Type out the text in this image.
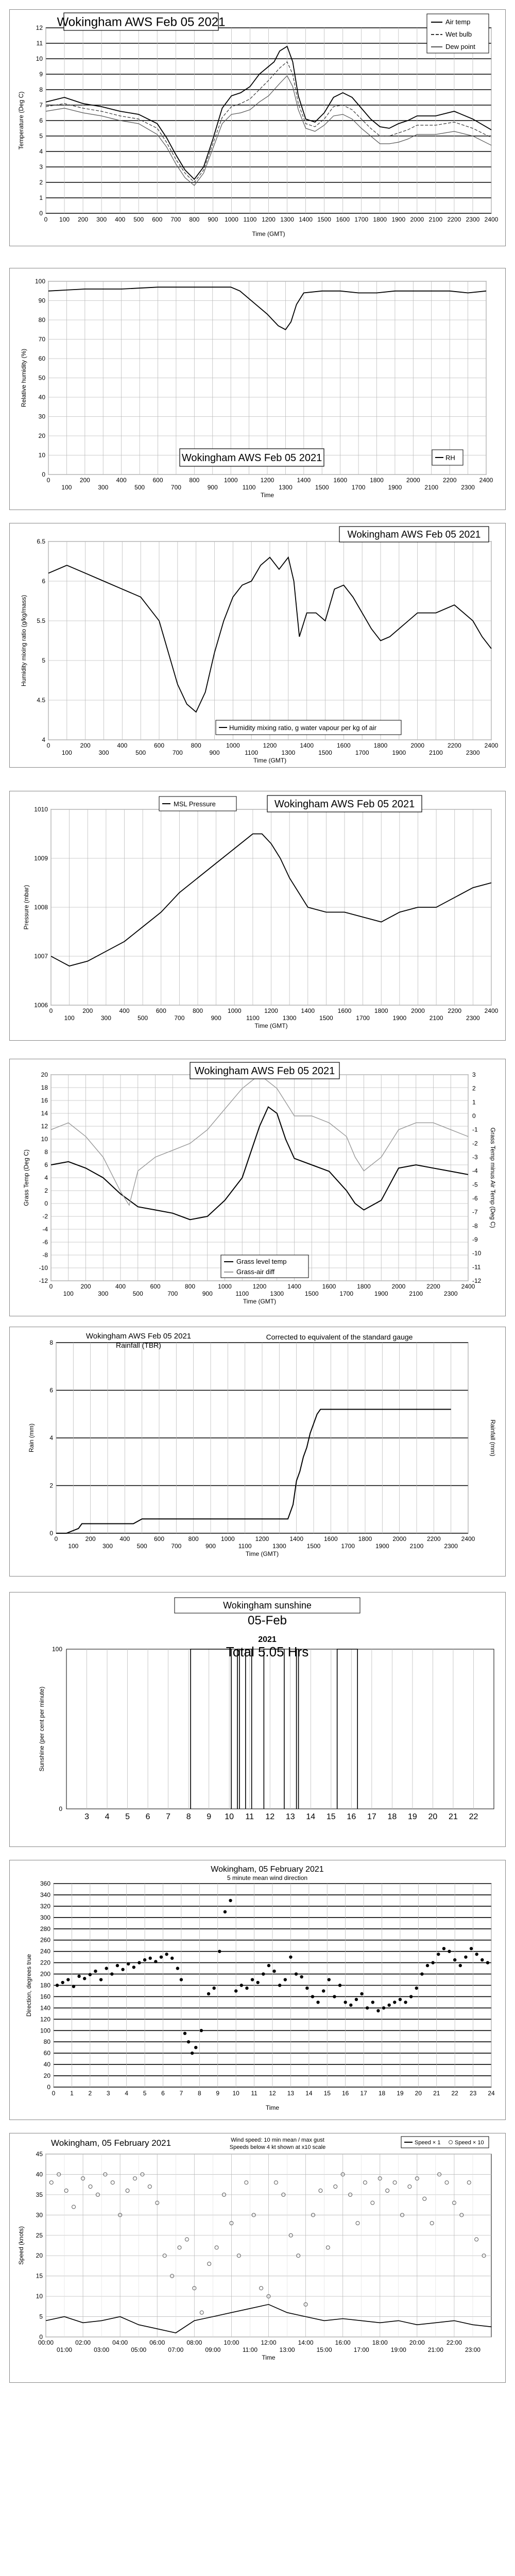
0
1
2
3
4
5
6
7
8
9
10
11
12
0 100 200 300 400 500 600 700 800 900 1000 1100 1200 1300 1400 1500 1600 1700 1800 1900 2000 2100 2200 2300 2400
Wokingham AWS Feb 05 2021	Air temp
Wet bulb
Dew point
Time (GMT)
Temperature (Deg C)
0
10
20
30
40
50
60
70
80
90
100
0
100
200
300
400
500
600
700
800
900
1000
1100
1200
1300
1400
1500
1600
1700
1800
1900
2000
2100
2200
2300
2400
Wokingham AWS Feb 05 2021	RH
Time
Relative humidity (%)
4
4.5
5
5.5
6
6.5
0
100
200
300
400
500
600
700
800
900
1000
1100
1200
1300
1400
1500
1600
1700
1800
1900
2000
2100
2200
2300
2400
Wokingham AWS Feb 05 2021
Humidity mixing ratio, g water vapour per kg of air
Time (GMT)
Humidity mixing ratio (g/kg/mass)
1006
1007
1008
1009
1010
0
100
200
300
400
500
600
700
800
900
1000
1100
1200
1300
1400
1500
1600
1700
1800
1900
2000
2100
2200
2300
2400
Wokingham AWS Feb 05 2021
MSL Pressure
Time (GMT)
Pressure (mbar)
-12
-10
-8
-6
-4
-2
0
2
4
6
8
10
12
14
16
18
20
-12
-11
-10
-9
-8
-7
-6
-5
-4
-3
-2
-1
0
1
2
3
0
100
200
300
400
500
600
700
800
900
1000
1100
1200
1300
1400
1500
1600
1700
1800
1900
2000
2100
2200
2300
2400
Wokingham AWS Feb 05 2021
Grass level temp
Grass-air diff
Time (GMT)
Grass Temp (Deg C)	Grass Temp minus Air Temp (Deg C)
0
2
4
6
8
0
100
200
300
400
500
600
700
800
900
1000
1100
1200
1300
1400
1500
1600
1700
1800
1900
2000
2100
2200
2300
2400
Wokingham AWS Feb 05 2021
Rainfall (TBR)
Corrected to equivalent of the standard gauge
Time (GMT)
Rain (mm)	Rainfall (mm)
3 4 5 6 7 8 9 10 11 12 13 14 15 16 17 18 19 20 21 22
0
100
Wokingham sunshine
05-Feb
2021
Total 5.05 Hrs
Sunshine (per cent per minute)
0
20
40
60
80
100
120
140
160
180
200
220
240
260
280
300
320
340
360
0 1 2 3 4 5 6 7 8 9 10 11 12 13 14 15 16 17 18 19 20 21 22 23 24
Wokingham, 05 February 2021
5 minute mean wind direction
Time
Direction, degrees true
0
5
10
15
20
25
30
35
40
45
00:00	02:00	04:00	06:00	08:00	10:00	12:00	14:00	16:00	18:00	20:00	22:00
01:00	03:00	05:00	07:00	09:00	11:00	13:00	15:00	17:00	19:00	21:00	23:00
Wokingham, 05 February 2021	Wind speed: 10 min mean / max gust
Speeds below 4 kt shown at x10 scale
Speed × 1	Speed × 10
Time
Speed (knots)
